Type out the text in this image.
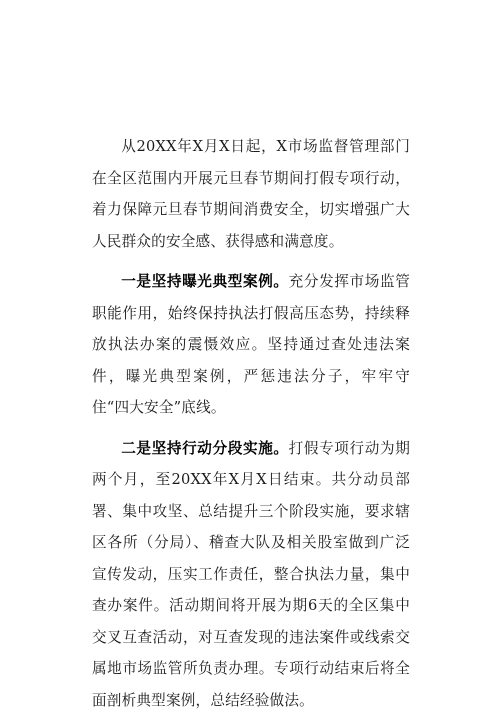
从20XX年X月X日起，X市场监督管理部门在全区范围内开展元旦春节期间打假专项行动，着力保障元旦春节期间消费安全，切实增强广大人民群众的安全感、获得感和满意度。

一是坚持曝光典型案例。充分发挥市场监管职能作用，始终保持执法打假高压态势，持续释放执法办案的震慑效应。坚持通过查处违法案件，曝光典型案例，严惩违法分子，牢牢守住“四大安全”底线。

二是坚持行动分段实施。打假专项行动为期两个月，至20XX年X月X日结束。共分动员部署、集中攻坚、总结提升三个阶段实施，要求辖区各所（分局）、稽查大队及相关股室做到广泛宣传发动，压实工作责任，整合执法力量，集中查办案件。活动期间将开展为期6天的全区集中交叉互查活动，对互查发现的违法案件或线索交属地市场监管所负责办理。专项行动结束后将全面剖析典型案例，总结经验做法。
